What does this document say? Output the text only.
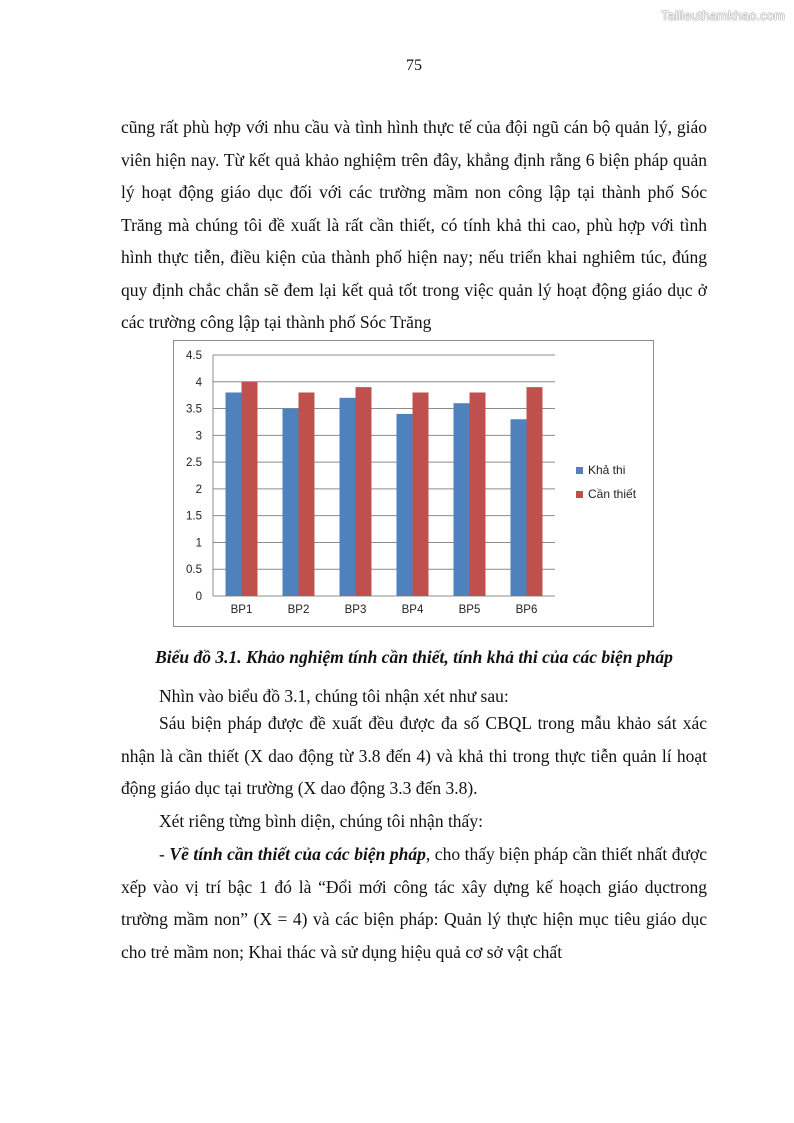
Tailieuthamkhao.com
75

cũng rất phù hợp với nhu cầu và tình hình thực tế của đội ngũ cán bộ quản lý, giáo viên hiện nay. Từ kết quả khảo nghiệm trên đây, khẳng định rằng 6 biện pháp quản lý hoạt động giáo dục đối với các trường mầm non công lập tại thành phố Sóc Trăng mà chúng tôi đề xuất là rất cần thiết, có tính khả thi cao, phù hợp với tình hình thực tiễn, điều kiện của thành phố hiện nay; nếu triển khai nghiêm túc, đúng quy định chắc chắn sẽ đem lại kết quả tốt trong việc quản lý hoạt động giáo dục ở các trường công lập tại thành phố Sóc Trăng

0
0.5
1
1.5
2
2.5
3
3.5
4
4.5
BP1	BP2	BP3	BP4	BP5	BP6
Khả thi
Cần thiết
Biểu đồ 3.1. Khảo nghiệm tính cần thiết, tính khả thi của các biện pháp

Nhìn vào biểu đồ 3.1, chúng tôi nhận xét như sau:

Sáu biện pháp được đề xuất đều được đa số CBQL trong mẫu khảo sát xác nhận là cần thiết (X dao động từ 3.8 đến 4) và khả thi trong thực tiễn quản lí hoạt động giáo dục tại trường (X dao động 3.3 đến 3.8).

Xét riêng từng bình diện, chúng tôi nhận thấy:

- Về tính cần thiết của các biện pháp, cho thấy biện pháp cần thiết nhất được xếp vào vị trí bậc 1 đó là “Đổi mới công tác xây dựng kế hoạch giáo dụctrong trường mầm non” (X = 4) và các biện pháp: Quản lý thực hiện mục tiêu giáo dục cho trẻ mầm non; Khai thác và sử dụng hiệu quả cơ sở vật chất
